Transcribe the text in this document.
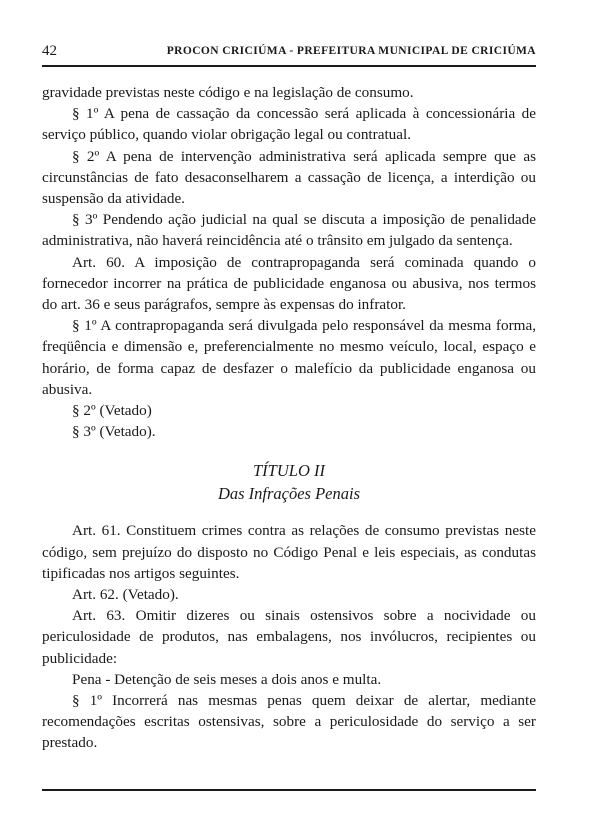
42	PROCON CRICIÚMA - PREFEITURA MUNICIPAL DE CRICIÚMA

gravidade previstas neste código e na legislação de consumo.

§ 1º A pena de cassação da concessão será aplicada à concessionária de serviço público, quando violar obrigação legal ou contratual.

§ 2º A pena de intervenção administrativa será aplicada sempre que as circunstâncias de fato desaconselharem a cassação de licença, a interdição ou suspensão da atividade.

§ 3º Pendendo ação judicial na qual se discuta a imposição de penalidade administrativa, não haverá reincidência até o trânsito em julgado da sentença.

Art. 60. A imposição de contrapropaganda será cominada quando o fornecedor incorrer na prática de publicidade enganosa ou abusiva, nos termos do art. 36 e seus parágrafos, sempre às expensas do infrator.

§ 1º A contrapropaganda será divulgada pelo responsável da mesma forma, freqüência e dimensão e, preferencialmente no mesmo veículo, local, espaço e horário, de forma capaz de desfazer o malefício da publicidade enganosa ou abusiva.

§ 2º (Vetado)

§ 3º (Vetado).

TÍTULO II
Das Infrações Penais

Art. 61. Constituem crimes contra as relações de consumo previstas neste código, sem prejuízo do disposto no Código Penal e leis especiais, as condutas tipificadas nos artigos seguintes.

Art. 62. (Vetado).

Art. 63. Omitir dizeres ou sinais ostensivos sobre a nocividade ou periculosidade de produtos, nas embalagens, nos invólucros, recipientes ou publicidade:

Pena - Detenção de seis meses a dois anos e multa.

§ 1º Incorrerá nas mesmas penas quem deixar de alertar, mediante recomendações escritas ostensivas, sobre a periculosidade do serviço a ser prestado.
